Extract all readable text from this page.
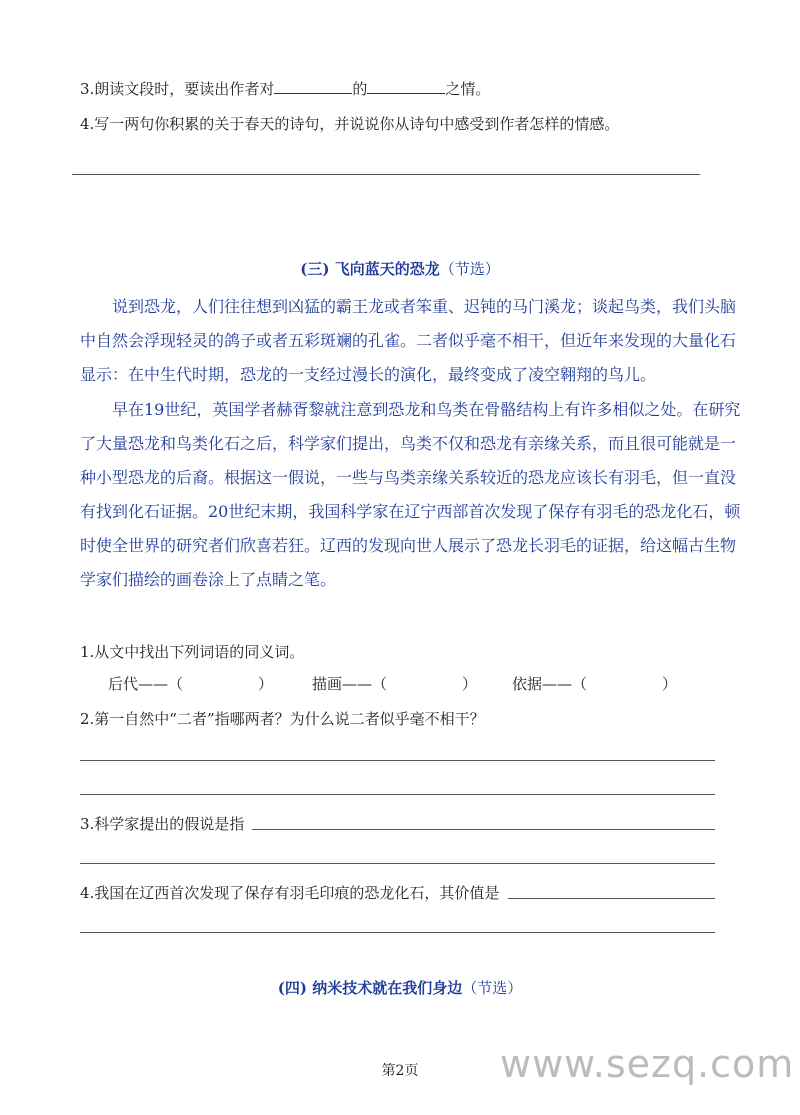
3.朗读文段时，要读出作者对	的	之情。
4.写一两句你积累的关于春天的诗句，并说说你从诗句中感受到作者怎样的情感。
(三) 飞向蓝天的恐龙（节选）
说到恐龙，人们往往想到凶猛的霸王龙或者笨重、迟钝的马门溪龙；谈起鸟类，我们头脑
中自然会浮现轻灵的鸽子或者五彩斑斓的孔雀。二者似乎毫不相干，但近年来发现的大量化石
显示：在中生代时期，恐龙的一支经过漫长的演化，最终变成了凌空翱翔的鸟儿。
早在19世纪，英国学者赫胥黎就注意到恐龙和鸟类在骨骼结构上有许多相似之处。在研究
了大量恐龙和鸟类化石之后，科学家们提出，鸟类不仅和恐龙有亲缘关系，而且很可能就是一
种小型恐龙的后裔。根据这一假说，一些与鸟类亲缘关系较近的恐龙应该长有羽毛，但一直没
有找到化石证据。20世纪末期，我国科学家在辽宁西部首次发现了保存有羽毛的恐龙化石，顿
时使全世界的研究者们欣喜若狂。辽西的发现向世人展示了恐龙长羽毛的证据，给这幅古生物
学家们描绘的画卷涂上了点睛之笔。
1.从文中找出下列词语的同义词。
后代——（　　　　　）	描画——（　　　　　） 依据——（　　　　　）
2.第一自然中“二者”指哪两者？为什么说二者似乎毫不相干？
3.科学家提出的假说是指
4.我国在辽西首次发现了保存有羽毛印痕的恐龙化石，其价值是
(四) 纳米技术就在我们身边（节选）
www.sezq.com
第2页
